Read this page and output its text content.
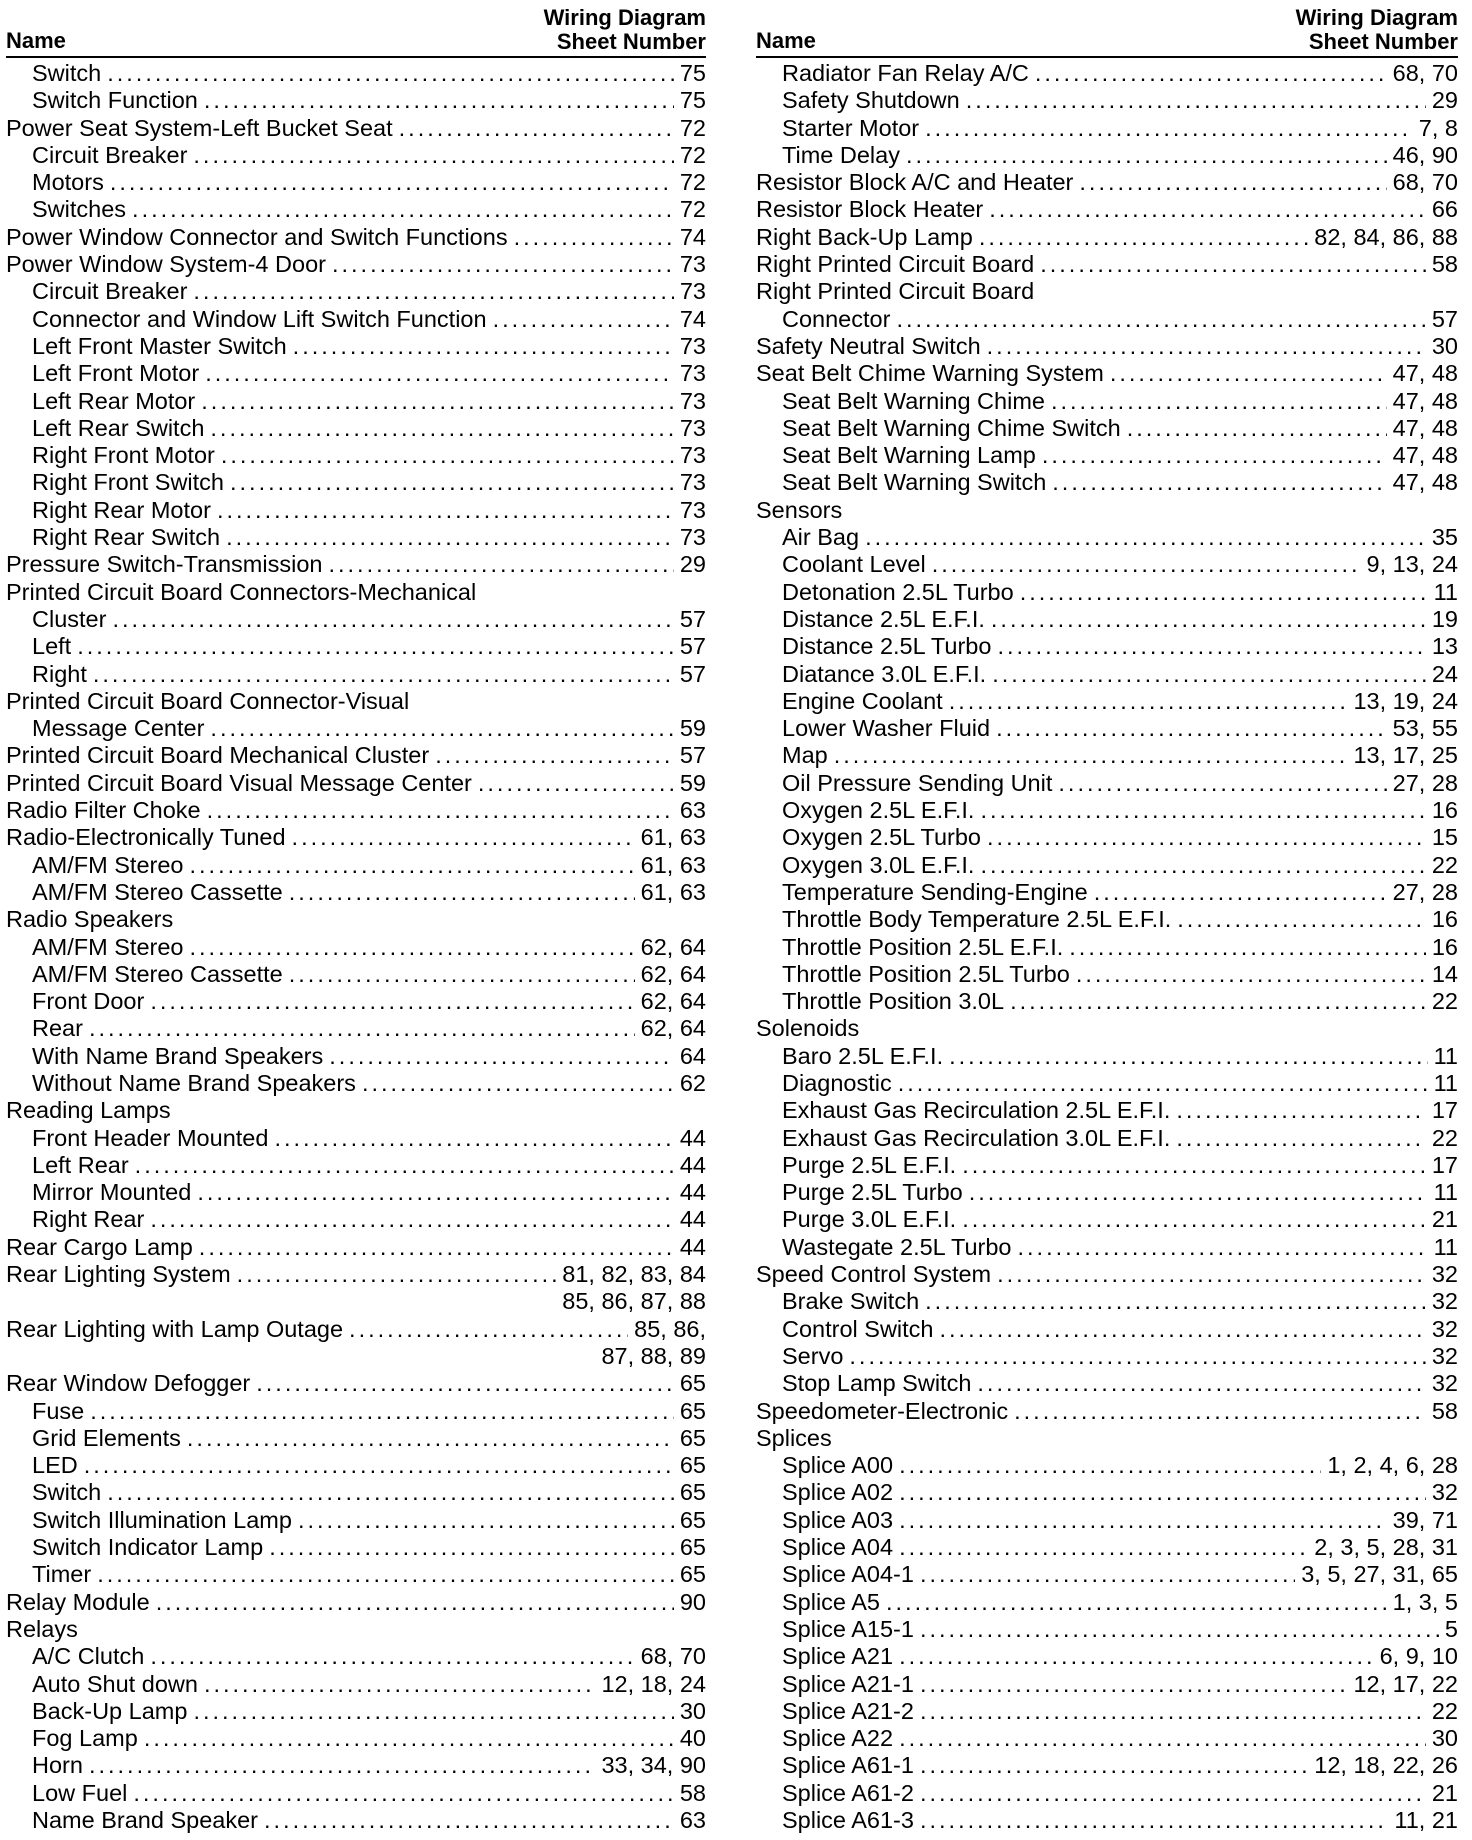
Name
Wiring Diagram
Sheet Number
Switch .....	75
Switch Function .....	75
Power Seat System-Left Bucket Seat .....	72
Circuit Breaker .....	72
Motors .....	72
Switches .....	72
Power Window Connector and Switch Functions .....	74
Power Window System-4 Door .....	73
Circuit Breaker .....	73
Connector and Window Lift Switch Function .....	74
Left Front Master Switch .....	73
Left Front Motor .....	73
Left Rear Motor .....	73
Left Rear Switch .....	73
Right Front Motor .....	73
Right Front Switch .....	73
Right Rear Motor .....	73
Right Rear Switch .....	73
Pressure Switch-Transmission .....	29
Printed Circuit Board Connectors-Mechanical
Cluster .....	57
Left .....	57
Right .....	57
Printed Circuit Board Connector-Visual
Message Center .....	59
Printed Circuit Board Mechanical Cluster .....	57
Printed Circuit Board Visual Message Center .....	59
Radio Filter Choke .....	63
Radio-Electronically Tuned .....	61, 63
AM/FM Stereo .....	61, 63
AM/FM Stereo Cassette .....	61, 63
Radio Speakers
AM/FM Stereo .....	62, 64
AM/FM Stereo Cassette .....	62, 64
Front Door .....	62, 64
Rear .....	62, 64
With Name Brand Speakers .....	64
Without Name Brand Speakers .....	62
Reading Lamps
Front Header Mounted .....	44
Left Rear .....	44
Mirror Mounted .....	44
Right Rear .....	44
Rear Cargo Lamp .....	44
Rear Lighting System .....	81, 82, 83, 84
85, 86, 87, 88
Rear Lighting with Lamp Outage .....	85, 86,
87, 88, 89
Rear Window Defogger .....	65
Fuse .....	65
Grid Elements .....	65
LED .....	65
Switch .....	65
Switch Illumination Lamp .....	65
Switch Indicator Lamp .....	65
Timer .....	65
Relay Module .....	90
Relays
A/C Clutch .....	68, 70
Auto Shut down .....	12, 18, 24
Back-Up Lamp .....	30
Fog Lamp .....	40
Horn .....	33, 34, 90
Low Fuel .....	58
Name Brand Speaker .....	63
Name
Wiring Diagram
Sheet Number
Radiator Fan Relay A/C .....	68, 70
Safety Shutdown .....	29
Starter Motor .....	7, 8
Time Delay .....	46, 90
Resistor Block A/C and Heater .....	68, 70
Resistor Block Heater .....	66
Right Back-Up Lamp .....	82, 84, 86, 88
Right Printed Circuit Board .....	58
Right Printed Circuit Board
Connector .....	57
Safety Neutral Switch .....	30
Seat Belt Chime Warning System .....	47, 48
Seat Belt Warning Chime .....	47, 48
Seat Belt Warning Chime Switch .....	47, 48
Seat Belt Warning Lamp .....	47, 48
Seat Belt Warning Switch .....	47, 48
Sensors
Air Bag .....	35
Coolant Level .....	9, 13, 24
Detonation 2.5L Turbo .....	11
Distance 2.5L E.F.I. .....	19
Distance 2.5L Turbo .....	13
Diatance 3.0L E.F.I. .....	24
Engine Coolant .....	13, 19, 24
Lower Washer Fluid .....	53, 55
Map .....	13, 17, 25
Oil Pressure Sending Unit .....	27, 28
Oxygen 2.5L E.F.I. .....	16
Oxygen 2.5L Turbo .....	15
Oxygen 3.0L E.F.I. .....	22
Temperature Sending-Engine .....	27, 28
Throttle Body Temperature 2.5L E.F.I. .....	16
Throttle Position 2.5L E.F.I. .....	16
Throttle Position 2.5L Turbo .....	14
Throttle Position 3.0L .....	22
Solenoids
Baro 2.5L E.F.I. .....	11
Diagnostic .....	11
Exhaust Gas Recirculation 2.5L E.F.I. .....	17
Exhaust Gas Recirculation 3.0L E.F.I. .....	22
Purge 2.5L E.F.I. .....	17
Purge 2.5L Turbo .....	11
Purge 3.0L E.F.I. .....	21
Wastegate 2.5L Turbo .....	11
Speed Control System .....	32
Brake Switch .....	32
Control Switch .....	32
Servo .....	32
Stop Lamp Switch .....	32
Speedometer-Electronic .....	58
Splices
Splice A00 .....	1, 2, 4, 6, 28
Splice A02 .....	32
Splice A03 .....	39, 71
Splice A04 .....	2, 3, 5, 28, 31
Splice A04-1 .....	3, 5, 27, 31, 65
Splice A5 .....	1, 3, 5
Splice A15-1 .....	5
Splice A21 .....	6, 9, 10
Splice A21-1 .....	12, 17, 22
Splice A21-2 .....	22
Splice A22 .....	30
Splice A61-1 .....	12, 18, 22, 26
Splice A61-2 .....	21
Splice A61-3 .....	11, 21
